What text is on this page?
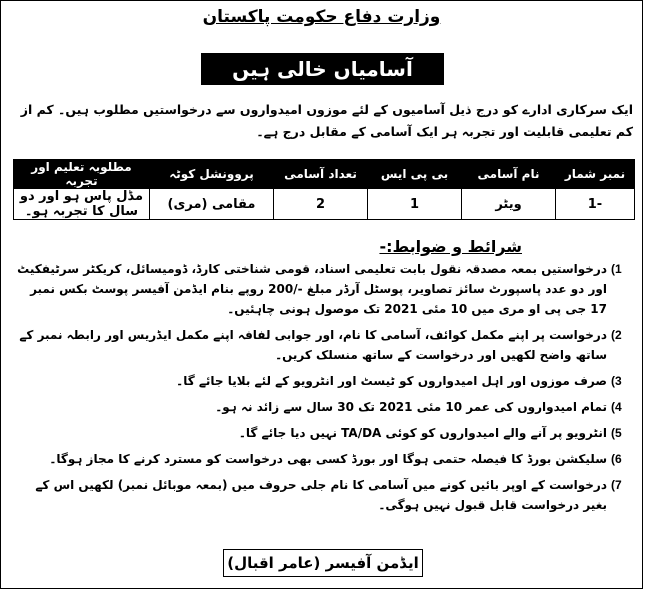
وزارت دفاع حکومت پاکستان
آسامیاں خالی ہیں
ایک سرکاری ادارے کو درج ذیل آسامیوں کے لئے موزوں امیدواروں سے درخواستیں مطلوب ہیں۔ کم از کم تعلیمی قابلیت اور تجربہ ہر ایک آسامی کے مقابل درج ہے۔
نمبر شمار	نام آسامی	بی پی ایس	تعداد آسامی	پروونشل کوٹہ	مطلوبہ تعلیم اور تجربہ
1-	ویٹر	1	2	مقامی (مری)	مڈل پاس ہو اور دو سال کا تجربہ ہو۔
شرائط و ضوابط:-
(1
درخواستیں بمعہ مصدقہ نقول بابت تعلیمی اسناد، قومی شناختی کارڈ، ڈومیسائل، کریکٹر سرٹیفکیٹ اور دو عدد پاسپورٹ سائز تصاویر، پوسٹل آرڈر مبلغ -/200 روپے بنام ایڈمن آفیسر پوسٹ بکس نمبر 17 جی پی او مری میں 10 مئی 2021 تک موصول ہونی چاہئیں۔
(2
درخواست پر اپنے مکمل کوائف، آسامی کا نام، اور جوابی لفافہ اپنے مکمل ایڈریس اور رابطہ نمبر کے ساتھ واضح لکھیں اور درخواست کے ساتھ منسلک کریں۔
(3
صرف موزوں اور اہل امیدواروں کو ٹیسٹ اور انٹرویو کے لئے بلایا جائے گا۔
(4
تمام امیدواروں کی عمر 10 مئی 2021 تک 30 سال سے زائد نہ ہو۔
(5
انٹرویو پر آنے والے امیدواروں کو کوئی TA/DA نہیں دیا جائے گا۔
(6
سلیکشن بورڈ کا فیصلہ حتمی ہوگا اور بورڈ کسی بھی درخواست کو مسترد کرنے کا مجاز ہوگا۔
(7
درخواست کے اوپر بائیں کونے میں آسامی کا نام جلی حروف میں (بمعہ موبائل نمبر) لکھیں اس کے بغیر درخواست قابل قبول نہیں ہوگی۔
ایڈمن آفیسر (عامر اقبال)
